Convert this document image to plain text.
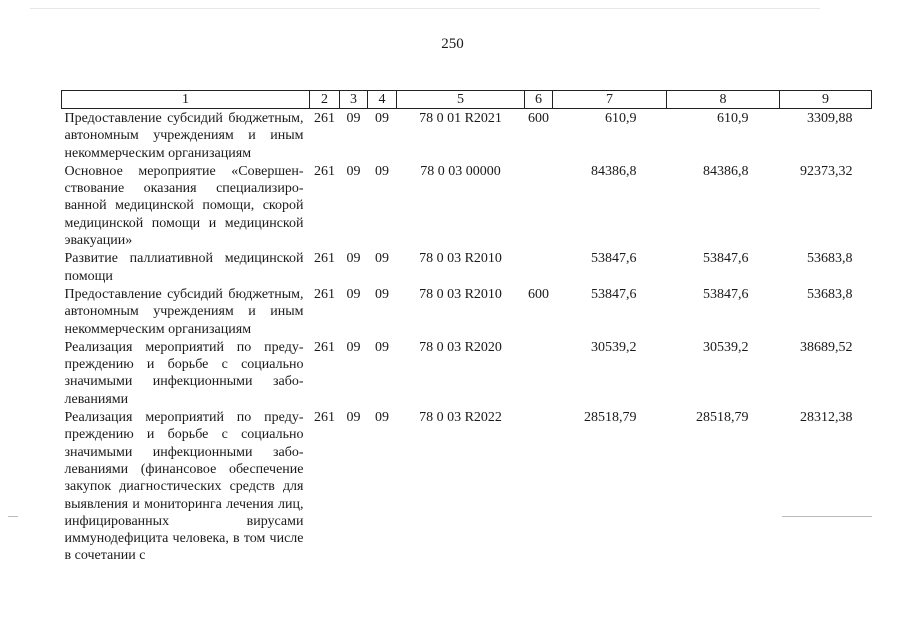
250
1	2	3	4	5	6	7	8	9
Предоставление субсидий бюджетным, автономным учреждениям и иным некоммерческим организациям	261	09	09	78 0 01 R2021	600	610,9	610,9	3309,88
Основное мероприятие «Совершенствование оказания специализированной медицинской помощи, скорой медицинской помощи и медицинской эвакуации»	261	09	09	78 0 03 00000		84386,8	84386,8	92373,32
Развитие паллиативной медицинской помощи	261	09	09	78 0 03 R2010		53847,6	53847,6	53683,8
Предоставление субсидий бюджетным, автономным учреждениям и иным некоммерческим организациям	261	09	09	78 0 03 R2010	600	53847,6	53847,6	53683,8
Реализация мероприятий по предупреждению и борьбе с социально значимыми инфекционными заболеваниями	261	09	09	78 0 03 R2020		30539,2	30539,2	38689,52
Реализация мероприятий по предупреждению и борьбе с социально значимыми инфекционными заболеваниями (финансовое обеспечение закупок диагностических средств для выявления и мониторинга лечения лиц, инфицированных вирусами иммунодефицита человека, в том числе в сочетании с	261	09	09	78 0 03 R2022		28518,79	28518,79	28312,38
